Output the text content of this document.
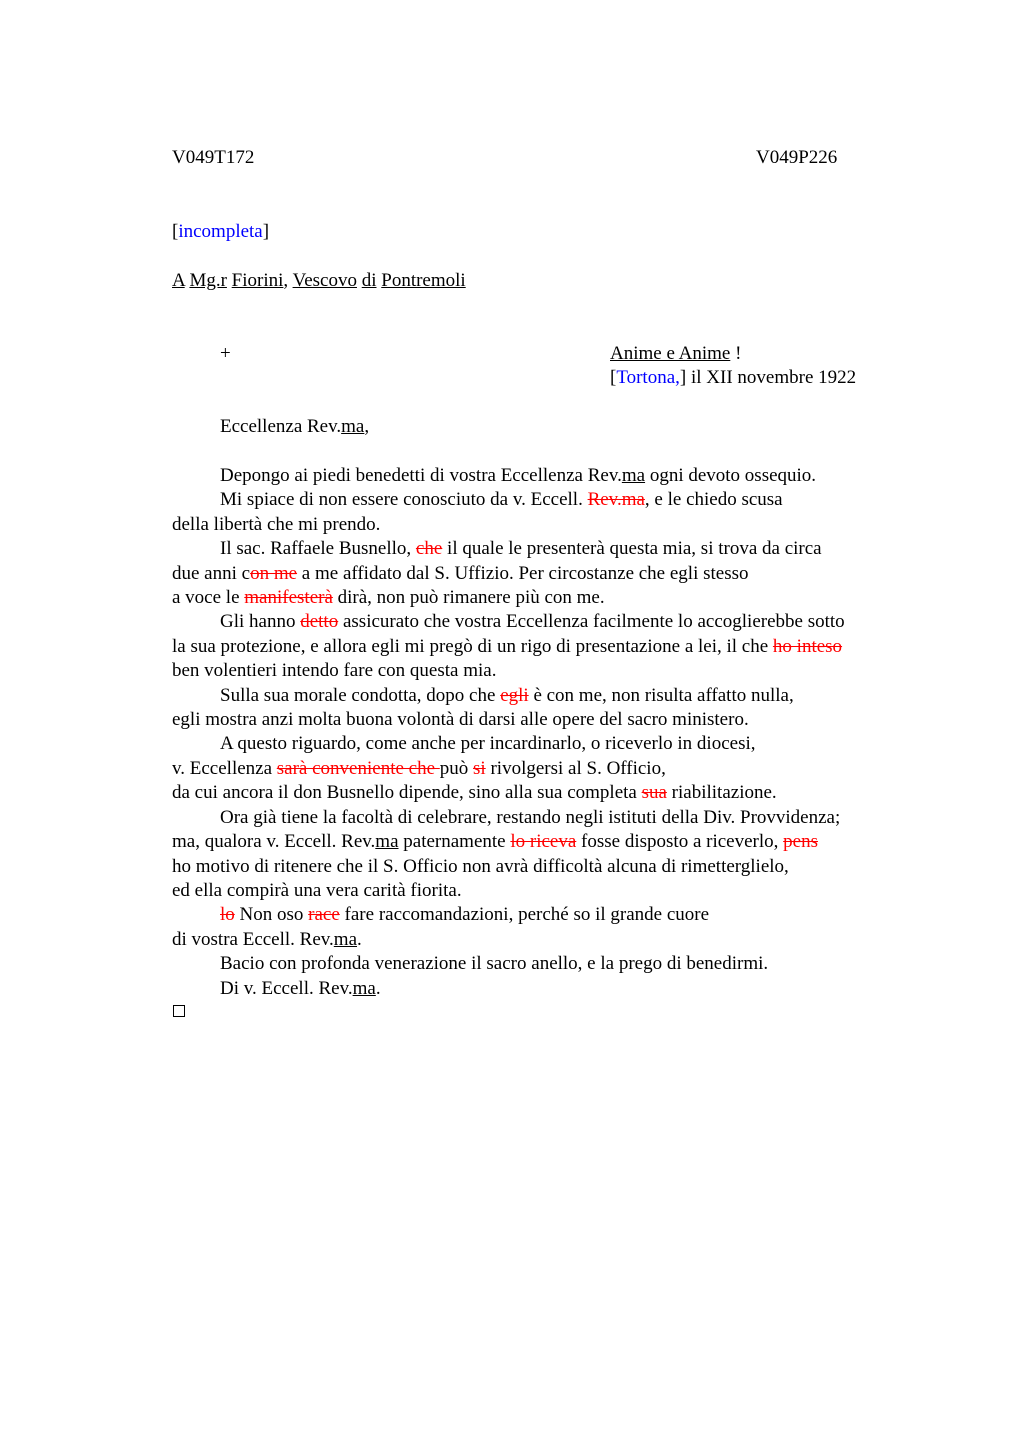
V049T172	V049P226
[incompleta]
A Mg.r Fiorini, Vescovo di Pontremoli
+	Anime e Anime !
[Tortona,] il XII novembre 1922
Eccellenza Rev.ma,
Depongo ai piedi benedetti di vostra Eccellenza Rev.ma ogni devoto ossequio.
Mi spiace di non essere conosciuto da v. Eccell. Rev.ma, e le chiedo scusa
della libertà che mi prendo.
Il sac. Raffaele Busnello, che il quale le presenterà questa mia, si trova da circa
due anni con me a me affidato dal S. Uffizio. Per circostanze che egli stesso
a voce le manifesterà dirà, non può rimanere più con me.
Gli hanno detto assicurato che vostra Eccellenza facilmente lo accoglierebbe sotto
la sua protezione, e allora egli mi pregò di un rigo di presentazione a lei, il che ho inteso
ben volentieri intendo fare con questa mia.
Sulla sua morale condotta, dopo che egli è con me, non risulta affatto nulla,
egli mostra anzi molta buona volontà di darsi alle opere del sacro ministero.
A questo riguardo, come anche per incardinarlo, o riceverlo in diocesi,
v. Eccellenza sarà conveniente che può si rivolgersi al S. Officio,
da cui ancora il don Busnello dipende, sino alla sua completa sua riabilitazione.
Ora già tiene la facoltà di celebrare, restando negli istituti della Div. Provvidenza;
ma, qualora v. Eccell. Rev.ma paternamente lo riceva fosse disposto a riceverlo, pens
ho motivo di ritenere che il S. Officio non avrà difficoltà alcuna di rimetterglielo,
ed ella compirà una vera carità fiorita.
lo Non oso race fare raccomandazioni, perché so il grande cuore
di vostra Eccell. Rev.ma.
Bacio con profonda venerazione il sacro anello, e la prego di benedirmi.
Di v. Eccell. Rev.ma.
